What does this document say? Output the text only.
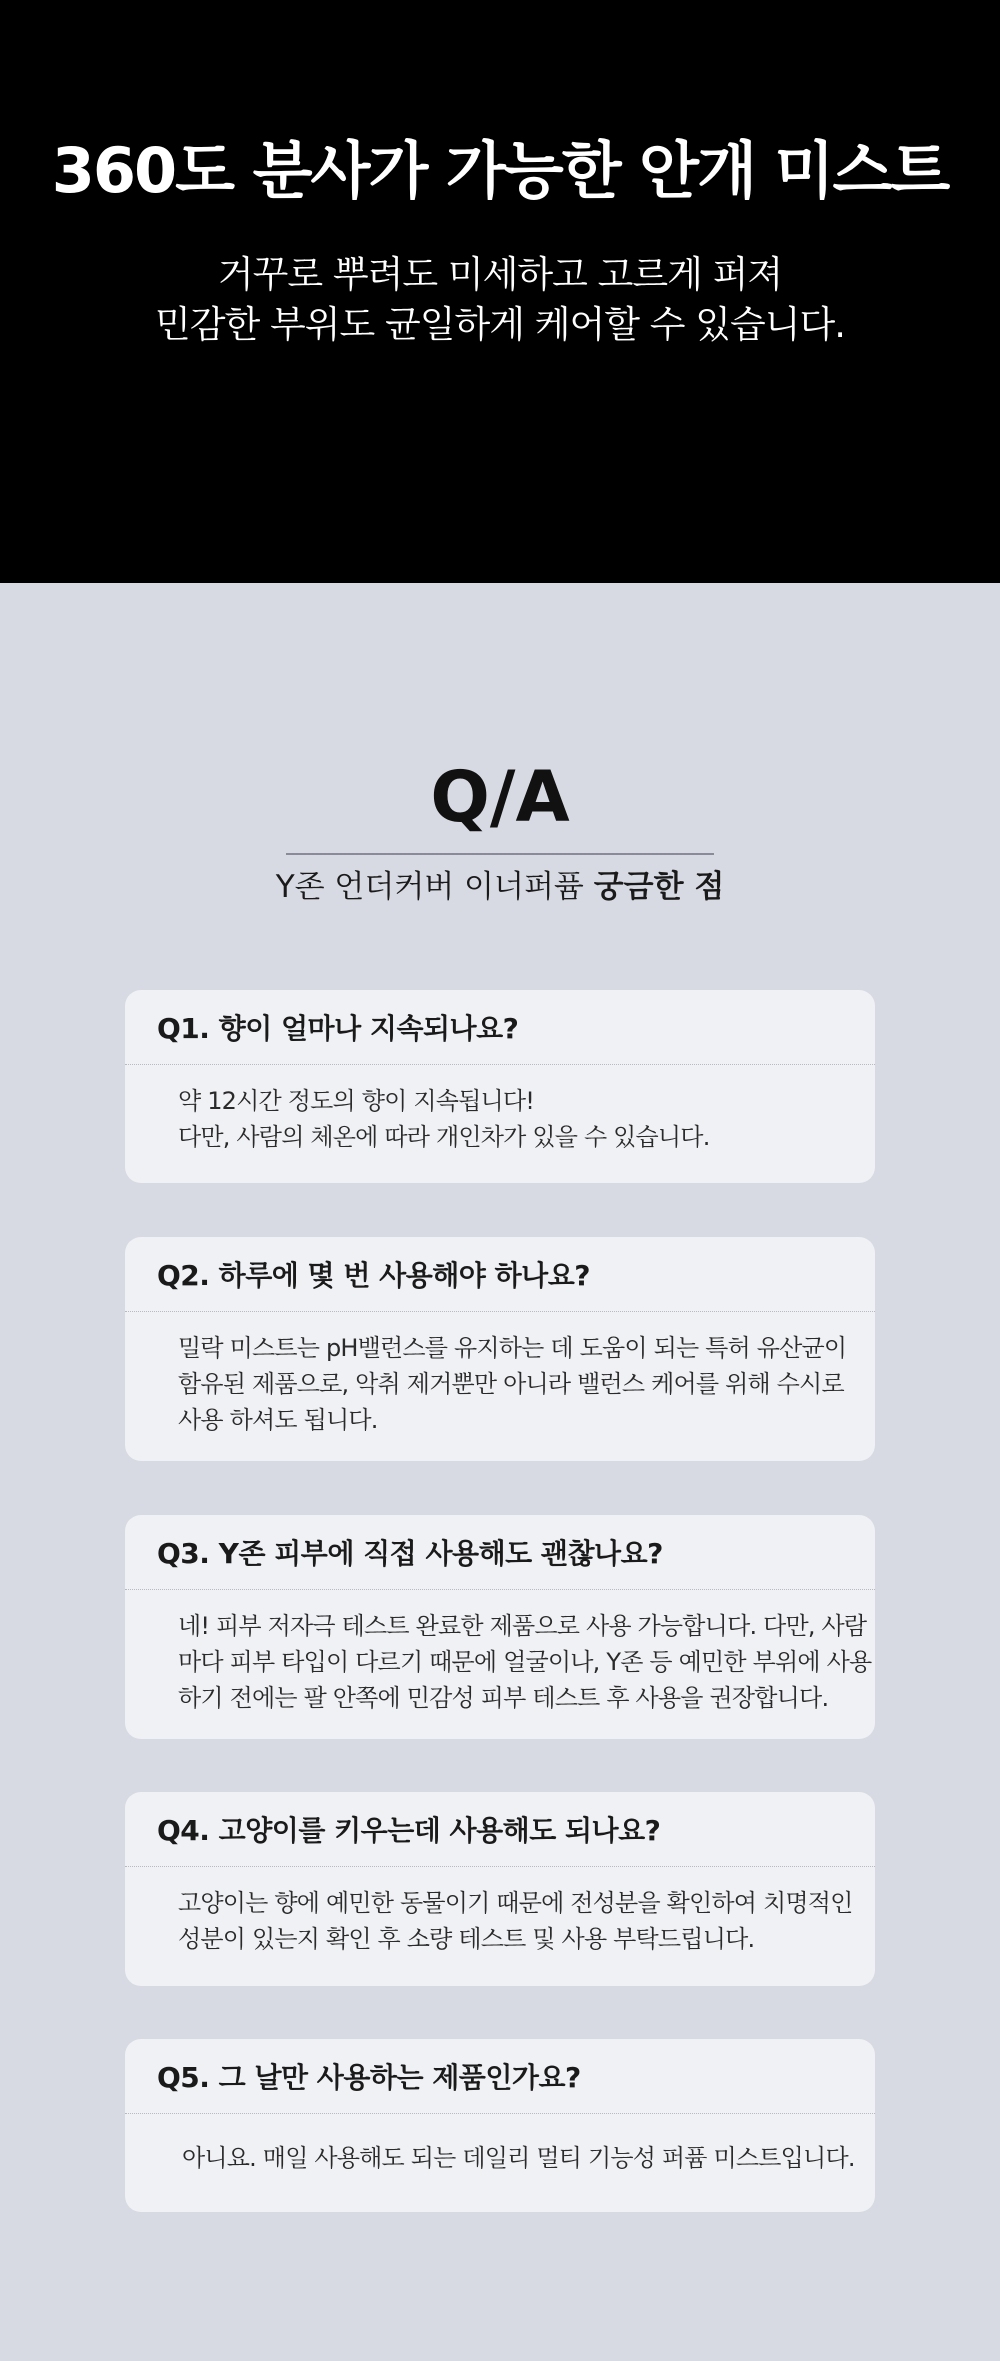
360도 분사가 가능한 안개 미스트

거꾸로 뿌려도 미세하고 고르게 퍼져
민감한 부위도 균일하게 케어할 수 있습니다.

Q/A

Y존 언더커버 이너퍼퓸 궁금한 점

Q1. 향이 얼마나 지속되나요?
약 12시간 정도의 향이 지속됩니다!
다만, 사람의 체온에 따라 개인차가 있을 수 있습니다.
Q2. 하루에 몇 번 사용해야 하나요?
밀락 미스트는 pH밸런스를 유지하는 데 도움이 되는 특허 유산균이
함유된 제품으로, 악취 제거뿐만 아니라 밸런스 케어를 위해 수시로
사용 하셔도 됩니다.
Q3. Y존 피부에 직접 사용해도 괜찮나요?
네! 피부 저자극 테스트 완료한 제품으로 사용 가능합니다. 다만, 사람
마다 피부 타입이 다르기 때문에 얼굴이나, Y존 등 예민한 부위에 사용
하기 전에는 팔 안쪽에 민감성 피부 테스트 후 사용을 권장합니다.
Q4. 고양이를 키우는데 사용해도 되나요?
고양이는 향에 예민한 동물이기 때문에 전성분을 확인하여 치명적인
성분이 있는지 확인 후 소량 테스트 및 사용 부탁드립니다.
Q5. 그 날만 사용하는 제품인가요?
아니요. 매일 사용해도 되는 데일리 멀티 기능성 퍼퓸 미스트입니다.
